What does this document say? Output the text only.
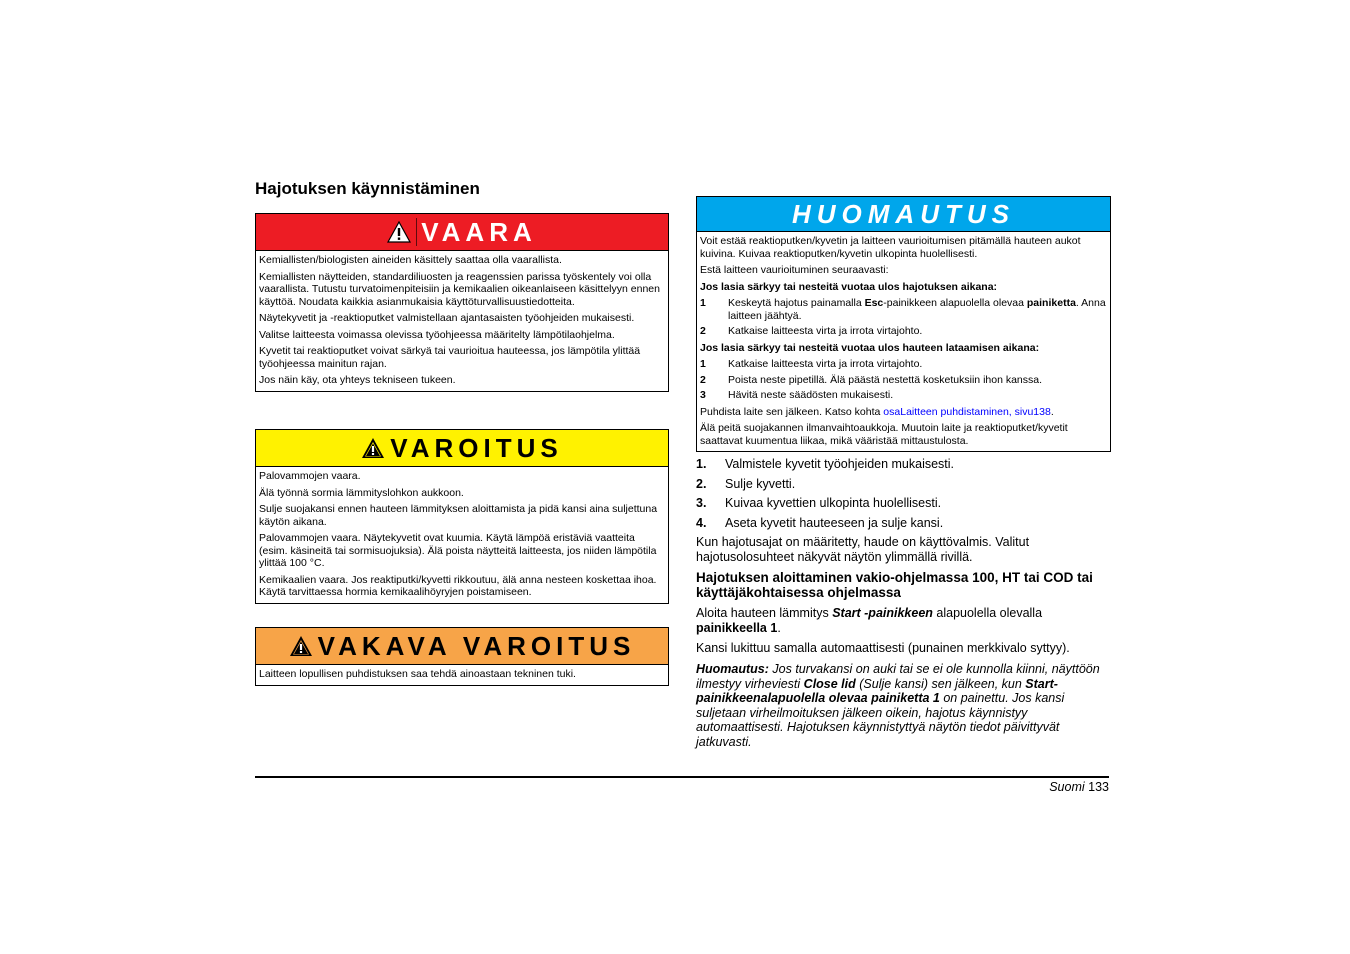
Hajotuksen käynnistäminen
VAARA

Kemiallisten/biologisten aineiden käsittely saattaa olla vaarallista.

Kemiallisten näytteiden, standardiliuosten ja reagenssien parissa työskentely voi olla vaarallista. Tutustu turvatoimenpiteisiin ja kemikaalien oikeanlaiseen käsittelyyn ennen käyttöä. Noudata kaikkia asianmukaisia käyttöturvallisuustiedotteita.

Näytekyvetit ja -reaktioputket valmistellaan ajantasaisten työohjeiden mukaisesti.

Valitse laitteesta voimassa olevissa työohjeessa määritelty lämpötilaohjelma.

Kyvetit tai reaktioputket voivat särkyä tai vaurioitua hauteessa, jos lämpötila ylittää työohjeessa mainitun rajan.

Jos näin käy, ota yhteys tekniseen tukeen.

VAROITUS

Palovammojen vaara.

Älä työnnä sormia lämmityslohkon aukkoon.

Sulje suojakansi ennen hauteen lämmityksen aloittamista ja pidä kansi aina suljettuna käytön aikana.

Palovammojen vaara. Näytekyvetit ovat kuumia. Käytä lämpöä eristäviä vaatteita (esim. käsineitä tai sormisuojuksia). Älä poista näytteitä laitteesta, jos niiden lämpötila ylittää 100 °C.

Kemikaalien vaara. Jos reaktiputki/kyvetti rikkoutuu, älä anna nesteen koskettaa ihoa. Käytä tarvittaessa hormia kemikaalihöyryjen poistamiseen.

VAKAVA VAROITUS

Laitteen lopullisen puhdistuksen saa tehdä ainoastaan tekninen tuki.

HUOMAUTUS

Voit estää reaktioputken/kyvetin ja laitteen vaurioitumisen pitämällä hauteen aukot kuivina. Kuivaa reaktioputken/kyvetin ulkopinta huolellisesti.

Estä laitteen vaurioituminen seuraavasti:

Jos lasia särkyy tai nesteitä vuotaa ulos hajotuksen aikana:

1	Keskeytä hajotus painamalla Esc-painikkeen alapuolella olevaa painiketta. Anna laitteen jäähtyä.
2	Katkaise laitteesta virta ja irrota virtajohto.

Jos lasia särkyy tai nesteitä vuotaa ulos hauteen lataamisen aikana:

1	Katkaise laitteesta virta ja irrota virtajohto.
2	Poista neste pipetillä. Älä päästä nestettä kosketuksiin ihon kanssa.
3	Hävitä neste säädösten mukaisesti.

Puhdista laite sen jälkeen. Katso kohta osaLaitteen puhdistaminen, sivu138.

Älä peitä suojakannen ilmanvaihtoaukkoja. Muutoin laite ja reaktioputket/kyvetit saattavat kuumentua liikaa, mikä vääristää mittaustulosta.

1.	Valmistele kyvetit työohjeiden mukaisesti.
2.	Sulje kyvetti.
3.	Kuivaa kyvettien ulkopinta huolellisesti.
4.	Aseta kyvetit hauteeseen ja sulje kansi.

Kun hajotusajat on määritetty, haude on käyttövalmis. Valitut hajotusolosuhteet näkyvät näytön ylimmällä rivillä.

Hajotuksen aloittaminen vakio-ohjelmassa 100, HT tai COD tai käyttäjäkohtaisessa ohjelmassa

Aloita hauteen lämmitys Start -painikkeen alapuolella olevalla painikkeella 1.

Kansi lukittuu samalla automaattisesti (punainen merkkivalo syttyy).

Huomautus: Jos turvakansi on auki tai se ei ole kunnolla kiinni, näyttöön ilmestyy virheviesti Close lid (Sulje kansi) sen jälkeen, kun Start-painikkeenalapuolella olevaa painiketta 1 on painettu. Jos kansi suljetaan virheilmoituksen jälkeen oikein, hajotus käynnistyy automaattisesti. Hajotuksen käynnistyttyä näytön tiedot päivittyvät jatkuvasti.

Suomi 133
